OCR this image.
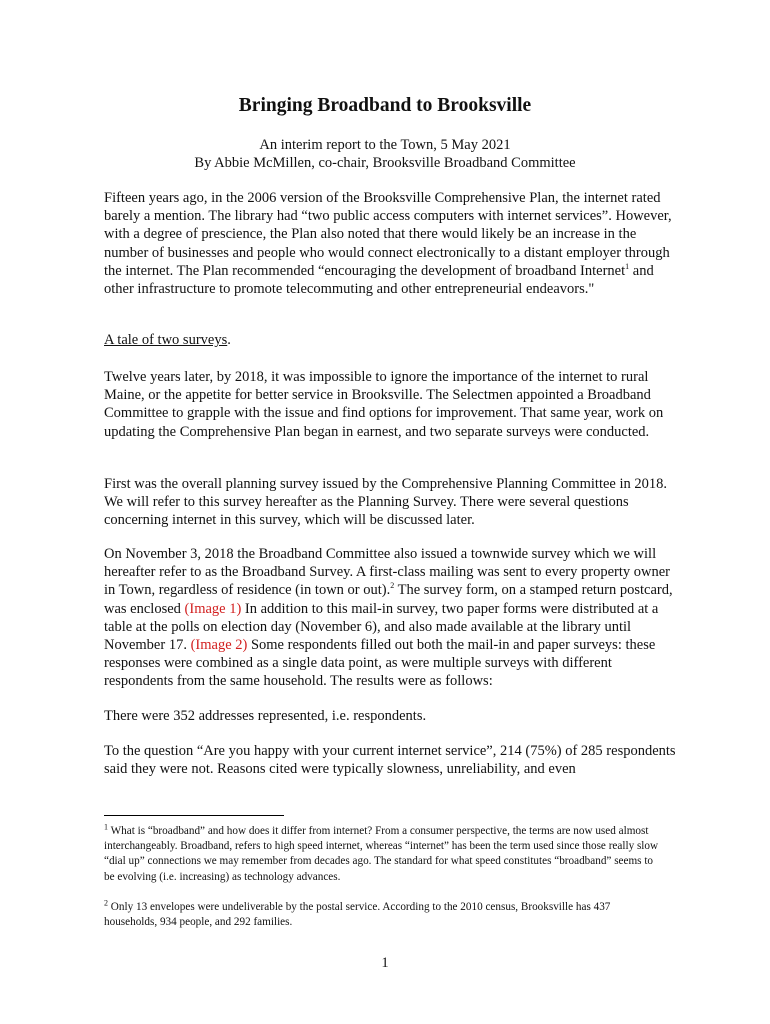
Bringing Broadband to Brooksville
An interim report to the Town, 5 May 2021
By Abbie McMillen, co-chair, Brooksville Broadband Committee

Fifteen years ago, in the 2006 version of the Brooksville Comprehensive Plan, the internet rated barely a mention. The library had “two public access computers with internet services”. However, with a degree of prescience, the Plan also noted that there would likely be an increase in the number of businesses and people who would connect electronically to a distant employer through the internet. The Plan recommended “encouraging the development of broadband Internet$^1$ and other infrastructure to promote telecommuting and other entrepreneurial endeavors."

A tale of two surveys.

Twelve years later, by 2018, it was impossible to ignore the importance of the internet to rural Maine, or the appetite for better service in Brooksville. The Selectmen appointed a Broadband Committee to grapple with the issue and find options for improvement. That same year, work on updating the Comprehensive Plan began in earnest, and two separate surveys were conducted.

First was the overall planning survey issued by the Comprehensive Planning Committee in 2018. We will refer to this survey hereafter as the Planning Survey. There were several questions concerning internet in this survey, which will be discussed later.

On November 3, 2018 the Broadband Committee also issued a townwide survey which we will hereafter refer to as the Broadband Survey. A first-class mailing was sent to every property owner in Town, regardless of residence (in town or out).$^2$ The survey form, on a stamped return postcard, was enclosed (Image 1) In addition to this mail-in survey, two paper forms were distributed at a table at the polls on election day (November 6), and also made available at the library until November 17. (Image 2) Some respondents filled out both the mail-in and paper surveys: these responses were combined as a single data point, as were multiple surveys with different respondents from the same household. The results were as follows:

There were 352 addresses represented, i.e. respondents.

To the question “Are you happy with your current internet service”, 214 (75%) of 285 respondents said they were not. Reasons cited were typically slowness, unreliability, and even

$^1$ What is “broadband” and how does it differ from internet? From a consumer perspective, the terms are now used almost interchangeably. Broadband, refers to high speed internet, whereas “internet” has been the term used since those really slow “dial up” connections we may remember from decades ago. The standard for what speed constitutes “broadband” seems to be evolving (i.e. increasing) as technology advances.
$^2$ Only 13 envelopes were undeliverable by the postal service. According to the 2010 census, Brooksville has 437 households, 934 people, and 292 families.
1
